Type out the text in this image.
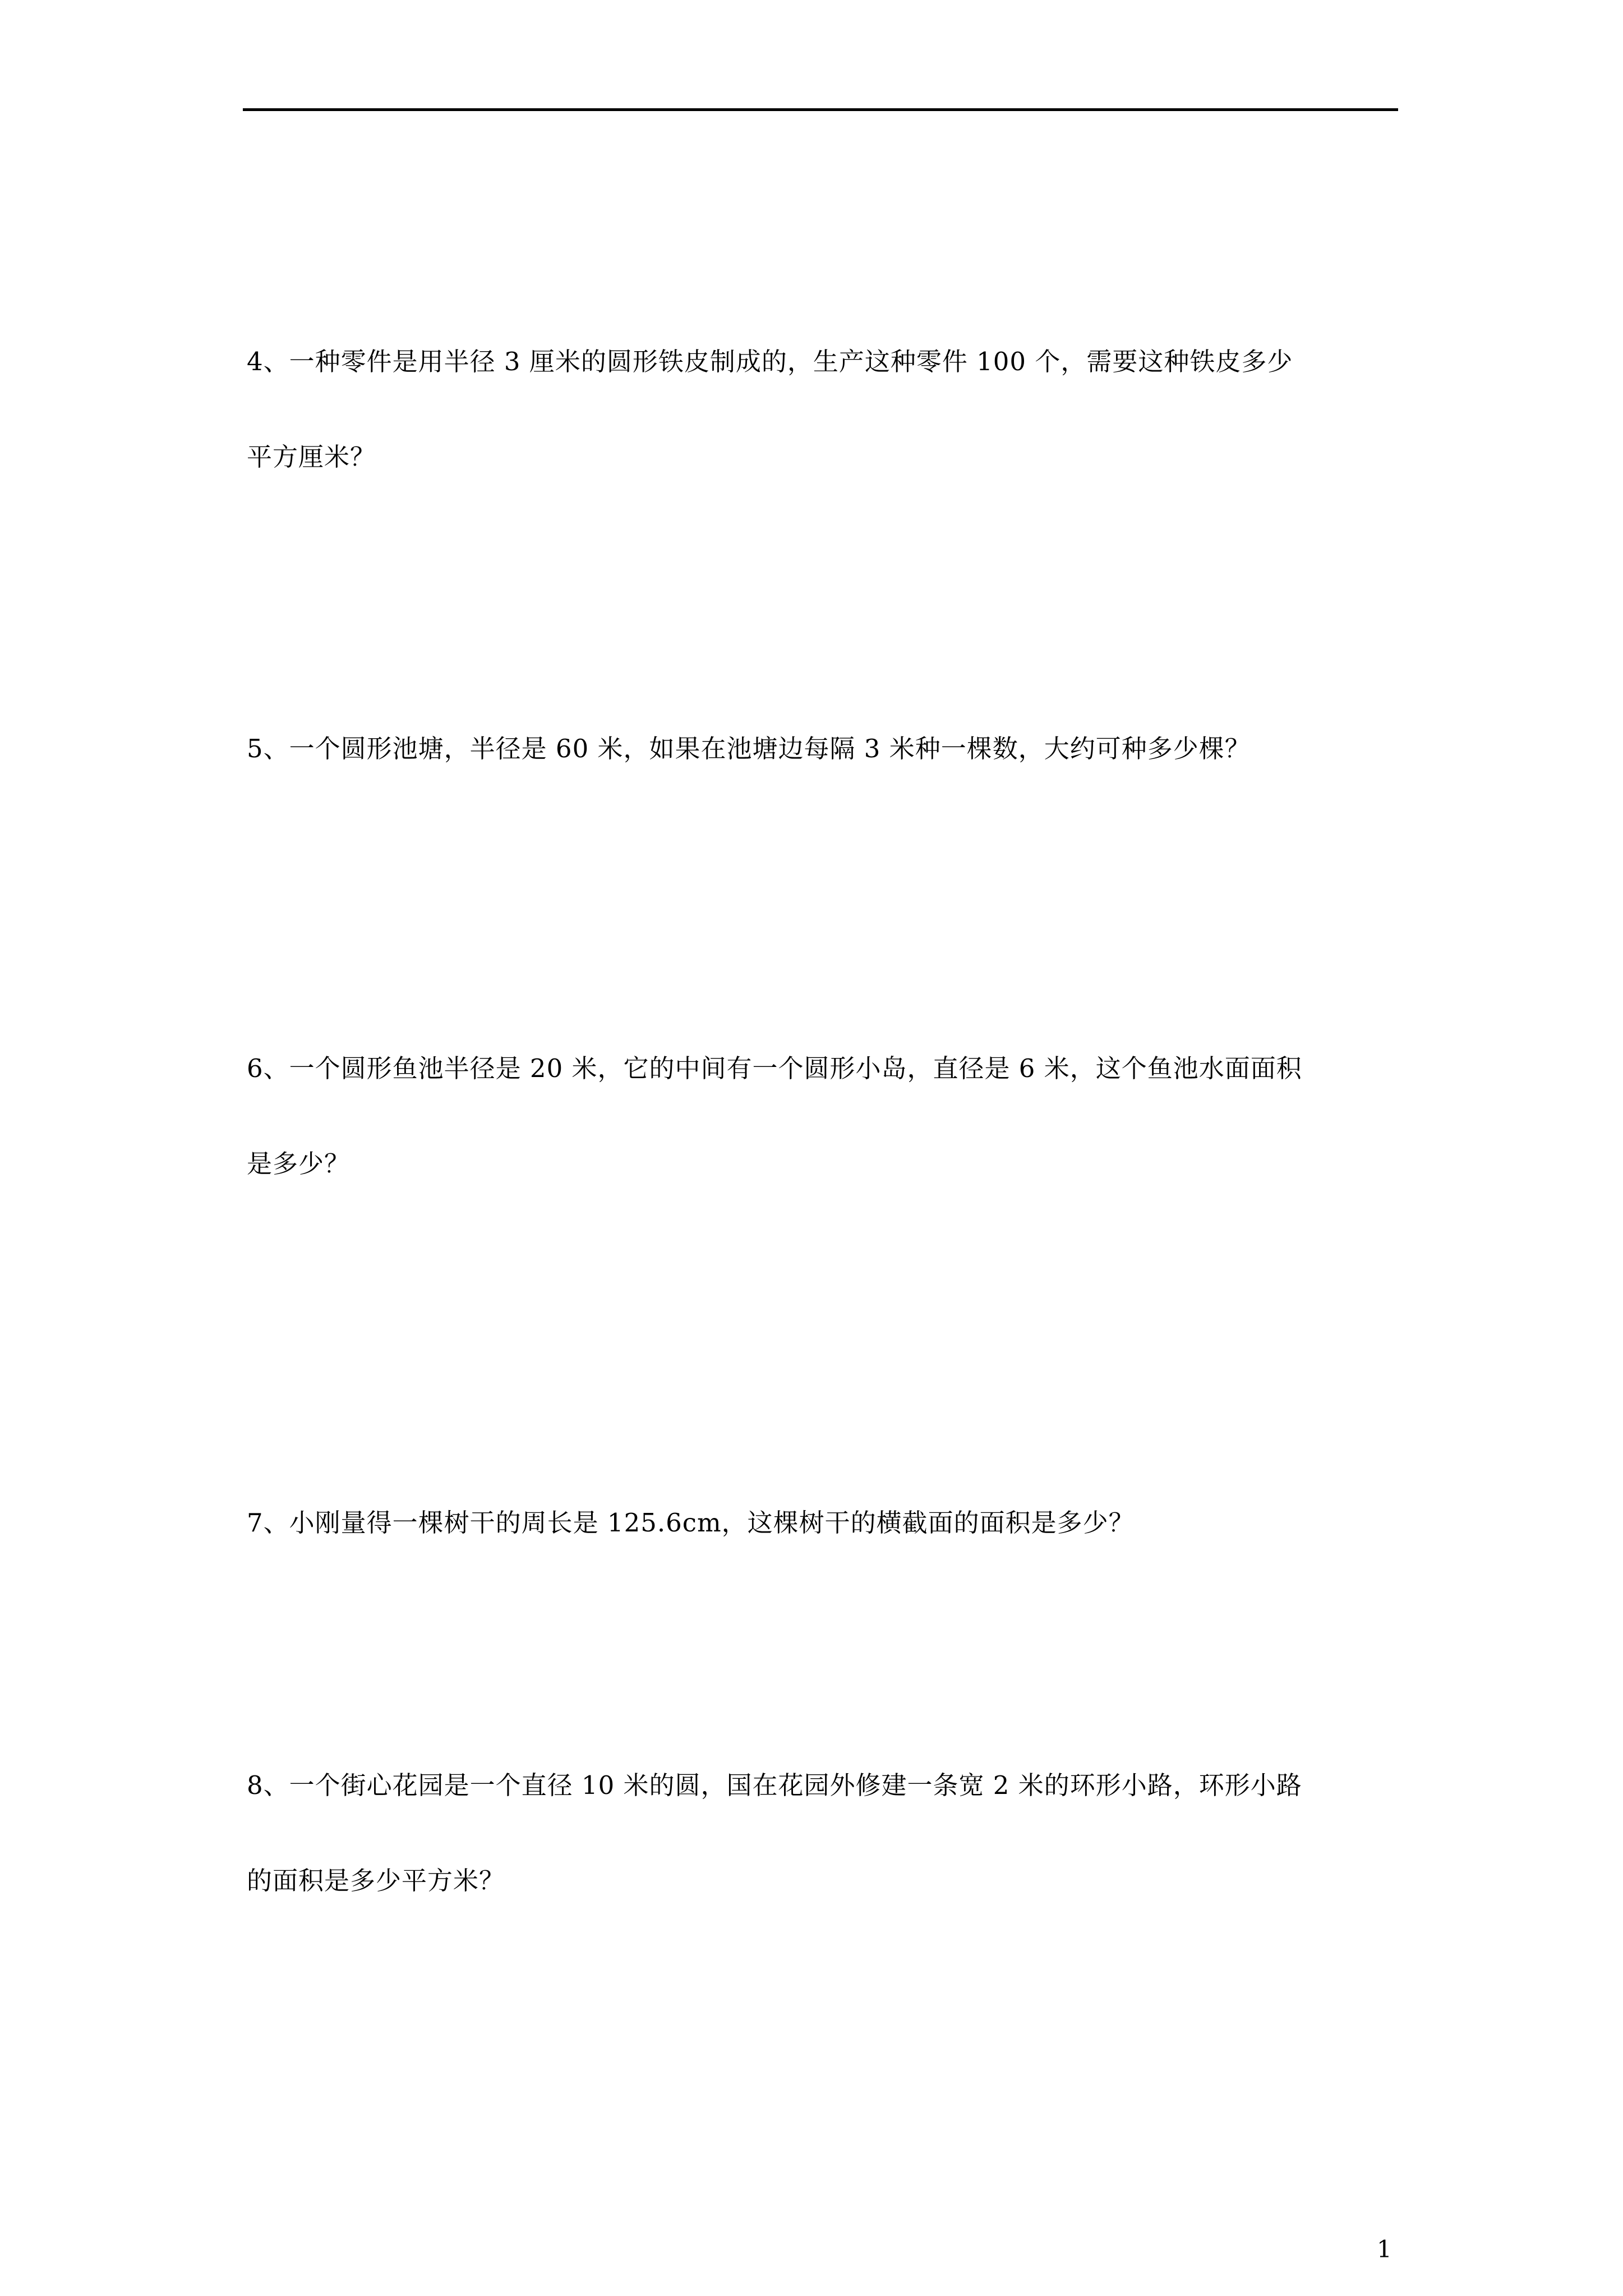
4、一种零件是用半径 3 厘米的圆形铁皮制成的，生产这种零件 100 个，需要这种铁皮多少
平方厘米？
5、一个圆形池塘，半径是 60 米，如果在池塘边每隔 3 米种一棵数，大约可种多少棵？
6、一个圆形鱼池半径是 20 米，它的中间有一个圆形小岛，直径是 6 米，这个鱼池水面面积
是多少？
7、小刚量得一棵树干的周长是 125.6cm，这棵树干的横截面的面积是多少？
8、一个街心花园是一个直径 10 米的圆，国在花园外修建一条宽 2 米的环形小路，环形小路
的面积是多少平方米？
1
